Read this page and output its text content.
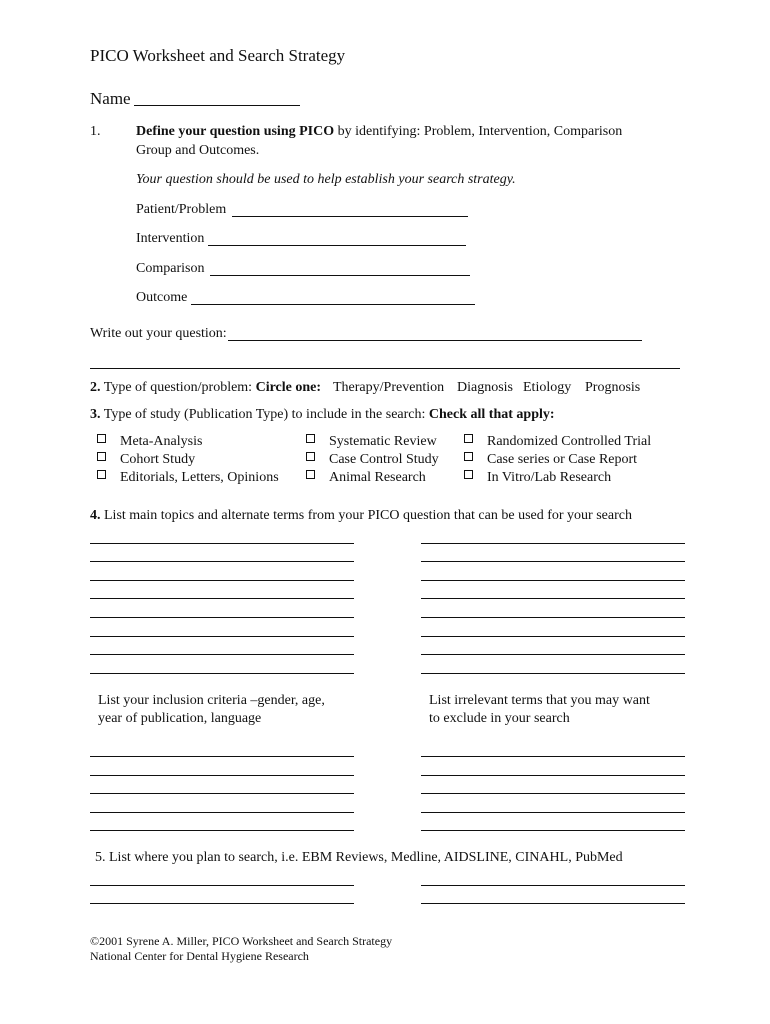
PICO Worksheet and Search Strategy
Name
1.	Define your question using PICO by identifying: Problem, Intervention, Comparison
Group and Outcomes.
Your question should be used to help establish your search strategy.
Patient/Problem
Intervention
Comparison
Outcome
Write out your question:
2. Type of question/problem: Circle one: Therapy/Prevention Diagnosis Etiology Prognosis
3. Type of study (Publication Type) to include in the search: Check all that apply:
Meta-Analysis
Cohort Study
Editorials, Letters, Opinions
Systematic Review
Case Control Study
Animal Research
Randomized Controlled Trial
Case series or Case Report
In Vitro/Lab Research
4. List main topics and alternate terms from your PICO question that can be used for your search
List your inclusion criteria –gender, age,
year of publication, language
List irrelevant terms that you may want
to exclude in your search
5. List where you plan to search, i.e. EBM Reviews, Medline, AIDSLINE, CINAHL, PubMed
©2001 Syrene A. Miller, PICO Worksheet and Search Strategy
National Center for Dental Hygiene Research
